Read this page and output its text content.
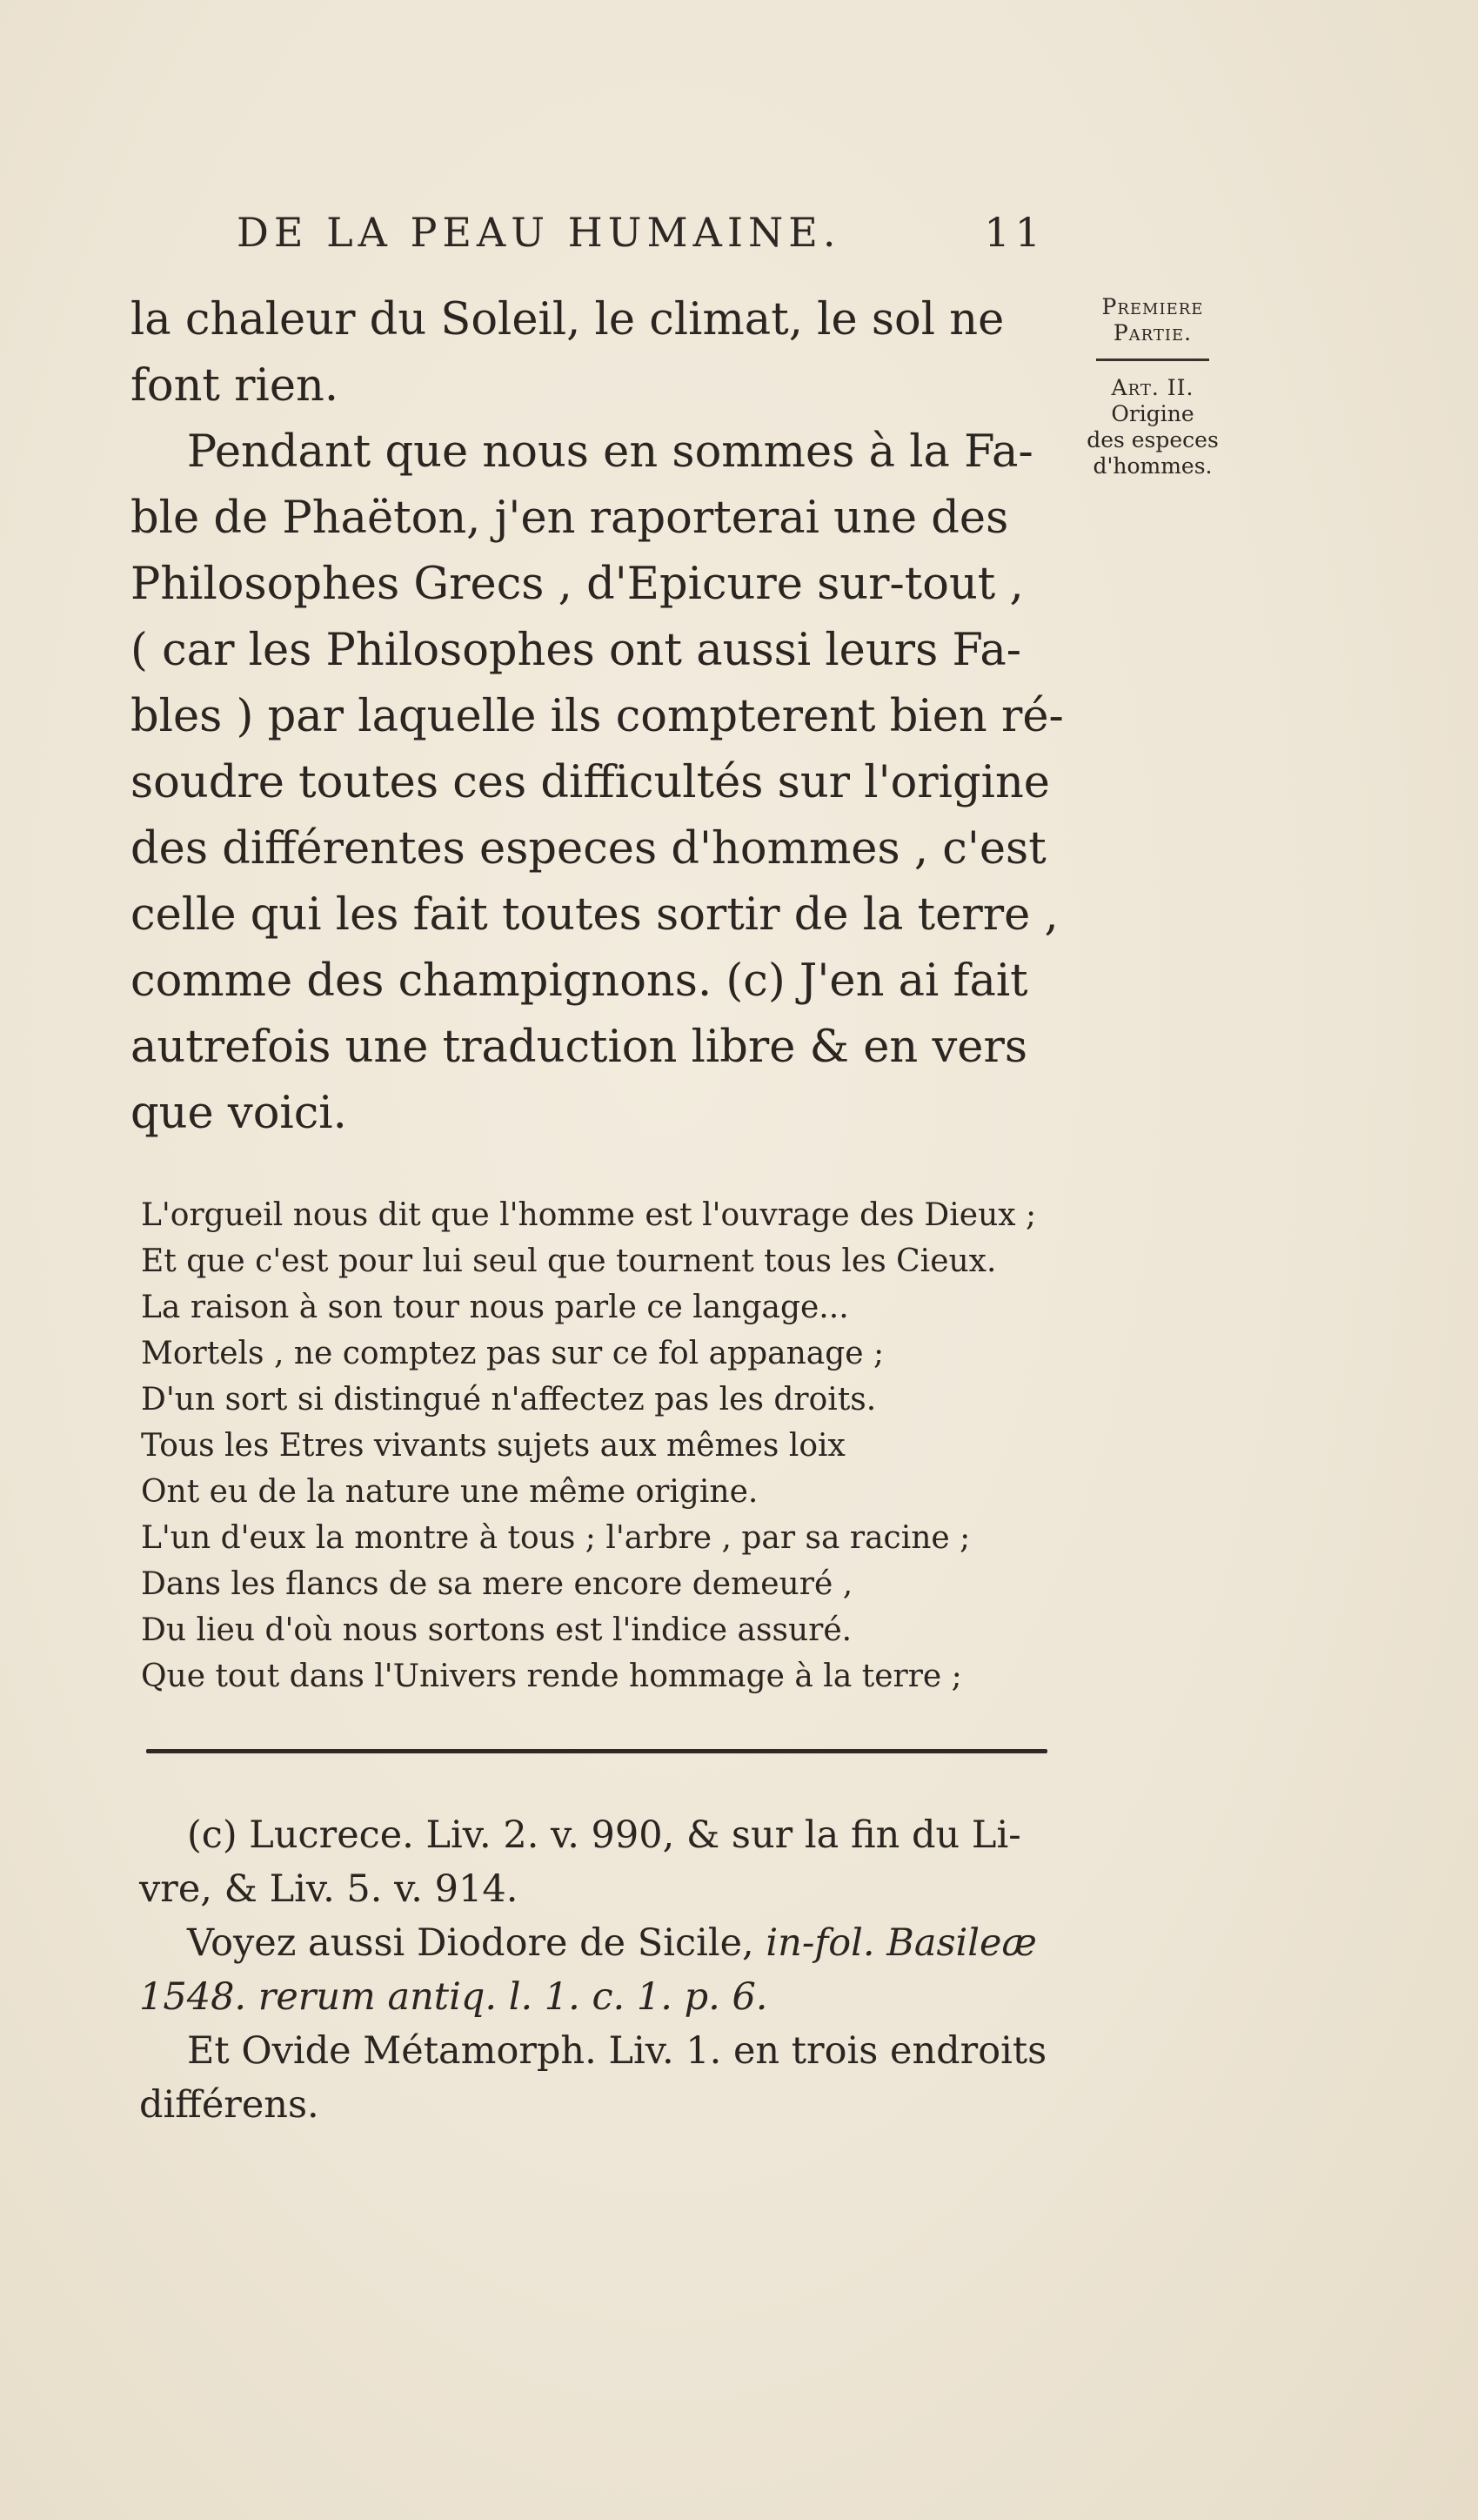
DE LA PEAU HUMAINE.	11
la chaleur du Soleil, le climat, le sol ne
font rien.
Pendant que nous en sommes à la Fa-
ble de Phaëton, j'en raporterai une des
Philosophes Grecs , d'Epicure sur-tout ,
( car les Philosophes ont aussi leurs Fa-
bles ) par laquelle ils compterent bien ré-
soudre toutes ces difficultés sur l'origine
des différentes especes d'hommes , c'est
celle qui les fait toutes sortir de la terre ,
comme des champignons. (c) J'en ai fait
autrefois une traduction libre & en vers
que voici.
Premiere
Partie.
Art. II.
Origine
des especes
d'hommes.
L'orgueil nous dit que l'homme est l'ouvrage des Dieux ;
Et que c'est pour lui seul que tournent tous les Cieux.
La raison à son tour nous parle ce langage...
Mortels , ne comptez pas sur ce fol appanage ;
D'un sort si distingué n'affectez pas les droits.
Tous les Etres vivants sujets aux mêmes loix
Ont eu de la nature une même origine.
L'un d'eux la montre à tous ; l'arbre , par sa racine ;
Dans les flancs de sa mere encore demeuré ,
Du lieu d'où nous sortons est l'indice assuré.
Que tout dans l'Univers rende hommage à la terre ;
(c) Lucrece. Liv. 2. v. 990, & sur la fin du Li-
vre, & Liv. 5. v. 914.
Voyez aussi Diodore de Sicile, in-fol. Basileæ
1548. rerum antiq. l. 1. c. 1. p. 6.
Et Ovide Métamorph. Liv. 1. en trois endroits
différens.
